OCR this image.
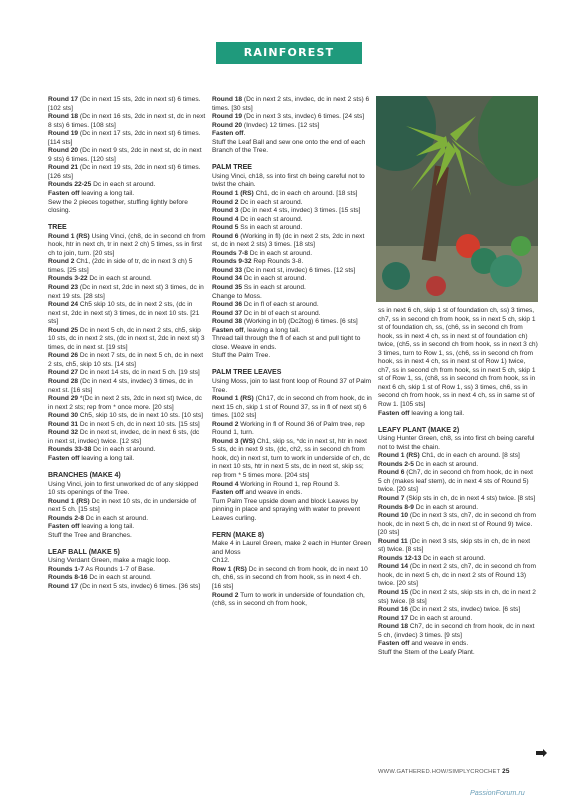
RAINFOREST COLLECTION

Round 17 (Dc in next 15 sts, 2dc in next st) 6 times. [102 sts]

Round 18 (Dc in next 16 sts, 2dc in next st, dc in next 8 sts) 6 times. [108 sts]

Round 19 (Dc in next 17 sts, 2dc in next st) 6 times. [114 sts]

Round 20 (Dc in next 9 sts, 2dc in next st, dc in next 9 sts) 6 times. [120 sts]

Round 21 (Dc in next 19 sts, 2dc in next st) 6 times. [126 sts]

Rounds 22-25 Dc in each st around.

Fasten off leaving a long tail.

Sew the 2 pieces together, stuffing lightly before closing.

TREE

Round 1 (RS) Using Vinci, (ch8, dc in second ch from hook, htr in next ch, tr in next 2 ch) 5 times, ss in first ch to join, turn. [20 sts]

Round 2 Ch1, (2dc in side of tr, dc in next 3 ch) 5 times. [25 sts]

Rounds 3-22 Dc in each st around.

Round 23 (Dc in next st, 2dc in next st) 3 times, dc in next 19 sts. [28 sts]

Round 24 Ch5 skip 10 sts, dc in next 2 sts, (dc in next st, 2dc in next st) 3 times, dc in next 10 sts. [21 sts]

Round 25 Dc in next 5 ch, dc in next 2 sts, ch5, skip 10 sts, dc in next 2 sts, (dc in next st, 2dc in next st) 3 times, dc in next st. [19 sts]

Round 26 Dc in next 7 sts, dc in next 5 ch, dc in next 2 sts, ch5, skip 10 sts. [14 sts]

Round 27 Dc in next 14 sts, dc in next 5 ch. [19 sts]

Round 28 (Dc in next 4 sts, invdec) 3 times, dc in next st. [16 sts]

Round 29 *(Dc in next 2 sts, 2dc in next st) twice, dc in next 2 sts; rep from * once more. [20 sts]

Round 30 Ch5, skip 10 sts, dc in next 10 sts. [10 sts]

Round 31 Dc in next 5 ch, dc in next 10 sts. [15 sts]

Round 32 Dc in next st, invdec, dc in next 6 sts, (dc in next st, invdec) twice. [12 sts]

Rounds 33-38 Dc in each st around.

Fasten off leaving a long tail.

BRANCHES (MAKE 4)

Using Vinci, join to first unworked dc of any skipped 10 sts openings of the Tree.

Round 1 (RS) Dc in next 10 sts, dc in underside of next 5 ch. [15 sts]

Rounds 2-8 Dc in each st around.

Fasten off leaving a long tail.

Stuff the Tree and Branches.

LEAF BALL (MAKE 5)

Using Verdant Green, make a magic loop.

Rounds 1-7 As Rounds 1-7 of Base.

Rounds 8-16 Dc in each st around.

Round 17 (Dc in next 5 sts, invdec) 6 times. [36 sts]

Round 18 (Dc in next 2 sts, invdec, dc in next 2 sts) 6 times. [30 sts]

Round 19 (Dc in next 3 sts, invdec) 6 times. [24 sts]

Round 20 (Invdec) 12 times. [12 sts]

Fasten off.

Stuff the Leaf Ball and sew one onto the end of each Branch of the Tree.

PALM TREE

Using Vinci, ch18, ss into first ch being careful not to twist the chain.

Round 1 (RS) Ch1, dc in each ch around. [18 sts]

Round 2 Dc in each st around.

Round 3 (Dc in next 4 sts, invdec) 3 times. [15 sts]

Round 4 Dc in each st around.

Round 5 Ss in each st around.

Round 6 (Working in fl) (dc in next 2 sts, 2dc in next st, dc in next 2 sts) 3 times. [18 sts]

Rounds 7-8 Dc in each st around.

Rounds 9-32 Rep Rounds 3-8.

Round 33 (Dc in next st, invdec) 6 times. [12 sts]

Round 34 Dc in each st around.

Round 35 Ss in each st around.

Change to Moss.

Round 36 Dc in fl of each st around.

Round 37 Dc in bl of each st around.

Round 38 (Working in bl) (Dc2tog) 6 times. [6 sts]

Fasten off, leaving a long tail.

Thread tail through the fl of each st and pull tight to close. Weave in ends.

Stuff the Palm Tree.

PALM TREE LEAVES

Using Moss, join to last front loop of Round 37 of Palm Tree.

Round 1 (RS) (Ch17, dc in second ch from hook, dc in next 15 ch, skip 1 st of Round 37, ss in fl of next st) 6 times. [102 sts]

Round 2 Working in fl of Round 36 of Palm tree, rep Round 1, turn.

Round 3 (WS) Ch1, skip ss, *dc in next st, htr in next 5 sts, dc in next 9 sts, (dc, ch2, ss in second ch from hook, dc) in next st, turn to work in underside of ch, dc in next 10 sts, htr in next 5 sts, dc in next st, skip ss; rep from * 5 times more. [204 sts]

Round 4 Working in Round 1, rep Round 3.

Fasten off and weave in ends.

Turn Palm Tree upside down and block Leaves by pinning in place and spraying with water to prevent Leaves curling.

FERN (MAKE 8)

Make 4 in Laurel Green, make 2 each in Hunter Green and Moss

Ch12.

Row 1 (RS) Dc in second ch from hook, dc in next 10 ch, ch6, ss in second ch from hook, ss in next 4 ch. [16 sts]

Round 2 Turn to work in underside of foundation ch, (ch8, ss in second ch from hook,

ss in next 6 ch, skip 1 st of foundation ch, ss) 3 times, ch7, ss in second ch from hook, ss in next 5 ch, skip 1 st of foundation ch, ss, (ch6, ss in second ch from hook, ss in next 4 ch, ss in next st of foundation ch) twice, (ch5, ss in second ch from hook, ss in next 3 ch) 3 times, turn to Row 1, ss, (ch6, ss in second ch from hook, ss in next 4 ch, ss in next st of Row 1) twice, ch7, ss in second ch from hook, ss in next 5 ch, skip 1 st of Row 1, ss, (ch8, ss in second ch from hook, ss in next 6 ch, skip 1 st of Row 1, ss) 3 times, ch6, ss in second ch from hook, ss in next 4 ch, ss in same st of Row 1. [105 sts]

Fasten off leaving a long tail.

LEAFY PLANT (MAKE 2)

Using Hunter Green, ch8, ss into first ch being careful not to twist the chain.

Round 1 (RS) Ch1, dc in each ch around. [8 sts]

Rounds 2-5 Dc in each st around.

Round 6 (Ch7, dc in second ch from hook, dc in next 5 ch (makes leaf stem), dc in next 4 sts of Round 5) twice. [20 sts]

Round 7 (Skip sts in ch, dc in next 4 sts) twice. [8 sts]

Rounds 8-9 Dc in each st around.

Round 10 (Dc in next 3 sts, ch7, dc in second ch from hook, dc in next 5 ch, dc in next st of Round 9) twice. [20 sts]

Round 11 (Dc in next 3 sts, skip sts in ch, dc in next st) twice. [8 sts]

Rounds 12-13 Dc in each st around.

Round 14 (Dc in next 2 sts, ch7, dc in second ch from hook, dc in next 5 ch, dc in next 2 sts of Round 13) twice. [20 sts]

Round 15 (Dc in next 2 sts, skip sts in ch, dc in next 2 sts) twice. [8 sts]

Round 16 (Dc in next 2 sts, invdec) twice. [6 sts]

Round 17 Dc in each st around.

Round 18 Ch7, dc in second ch from hook, dc in next 5 ch, (invdec) 3 times. [9 sts]

Fasten off and weave in ends.

Stuff the Stem of the Leafy Plant.

WWW.GATHERED.HOW/SIMPLYCROCHET 25
PassionForum.ru
